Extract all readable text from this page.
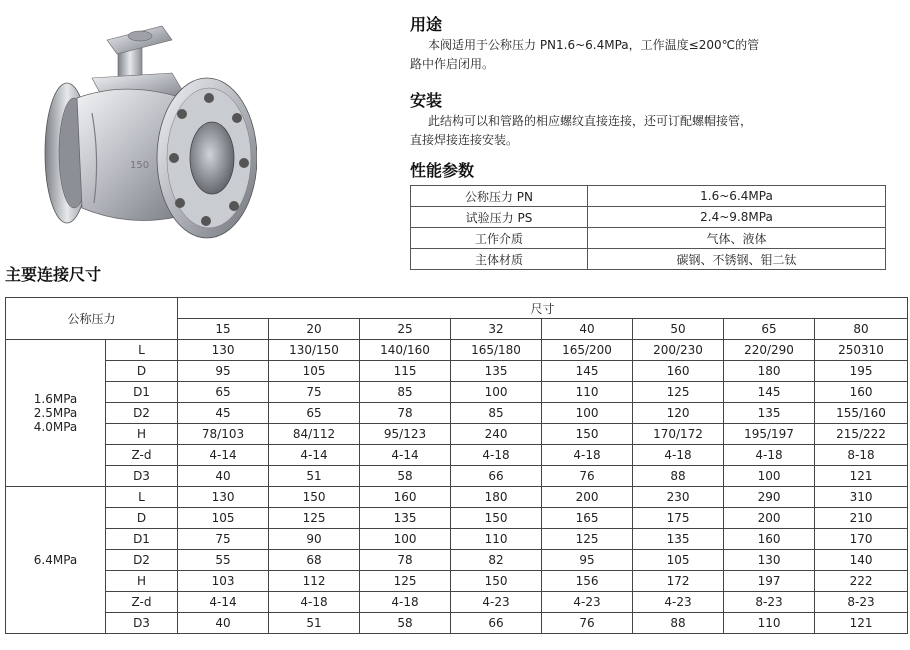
150
用途
本阀适用于公称压力 PN1.6~6.4MPa，工作温度≤200℃的管
路中作启闭用。
安装
此结构可以和管路的相应螺纹直接连接，还可订配螺帽接管，
直接焊接连接安装。
性能参数
公称压力 PN	1.6~6.4MPa
试验压力 PS	2.4~9.8MPa
工作介质	气体、液体
主体材质	碳钢、不锈钢、钼二钛
主要连接尺寸
公称压力		尺寸							
		15	20	25	32	40	50	65	80

1.6MPa
2.5MPa
4.0MPa	L	130	130/150	140/160	165/180	165/200	200/230	220/290	250310
	D	95	105	115	135	145	160	180	195
	D1	65	75	85	100	110	125	145	160
	D2	45	65	78	85	100	120	135	155/160
	H	78/103	84/112	95/123	240	150	170/172	195/197	215/222
	Z-d	4-14	4-14	4-14	4-18	4-18	4-18	4-18	8-18
	D3	40	51	58	66	76	88	100	121

6.4MPa	L	130	150	160	180	200	230	290	310
	D	105	125	135	150	165	175	200	210
	D1	75	90	100	110	125	135	160	170
	D2	55	68	78	82	95	105	130	140
	H	103	112	125	150	156	172	197	222
	Z-d	4-14	4-18	4-18	4-23	4-23	4-23	8-23	8-23
	D3	40	51	58	66	76	88	110	121
